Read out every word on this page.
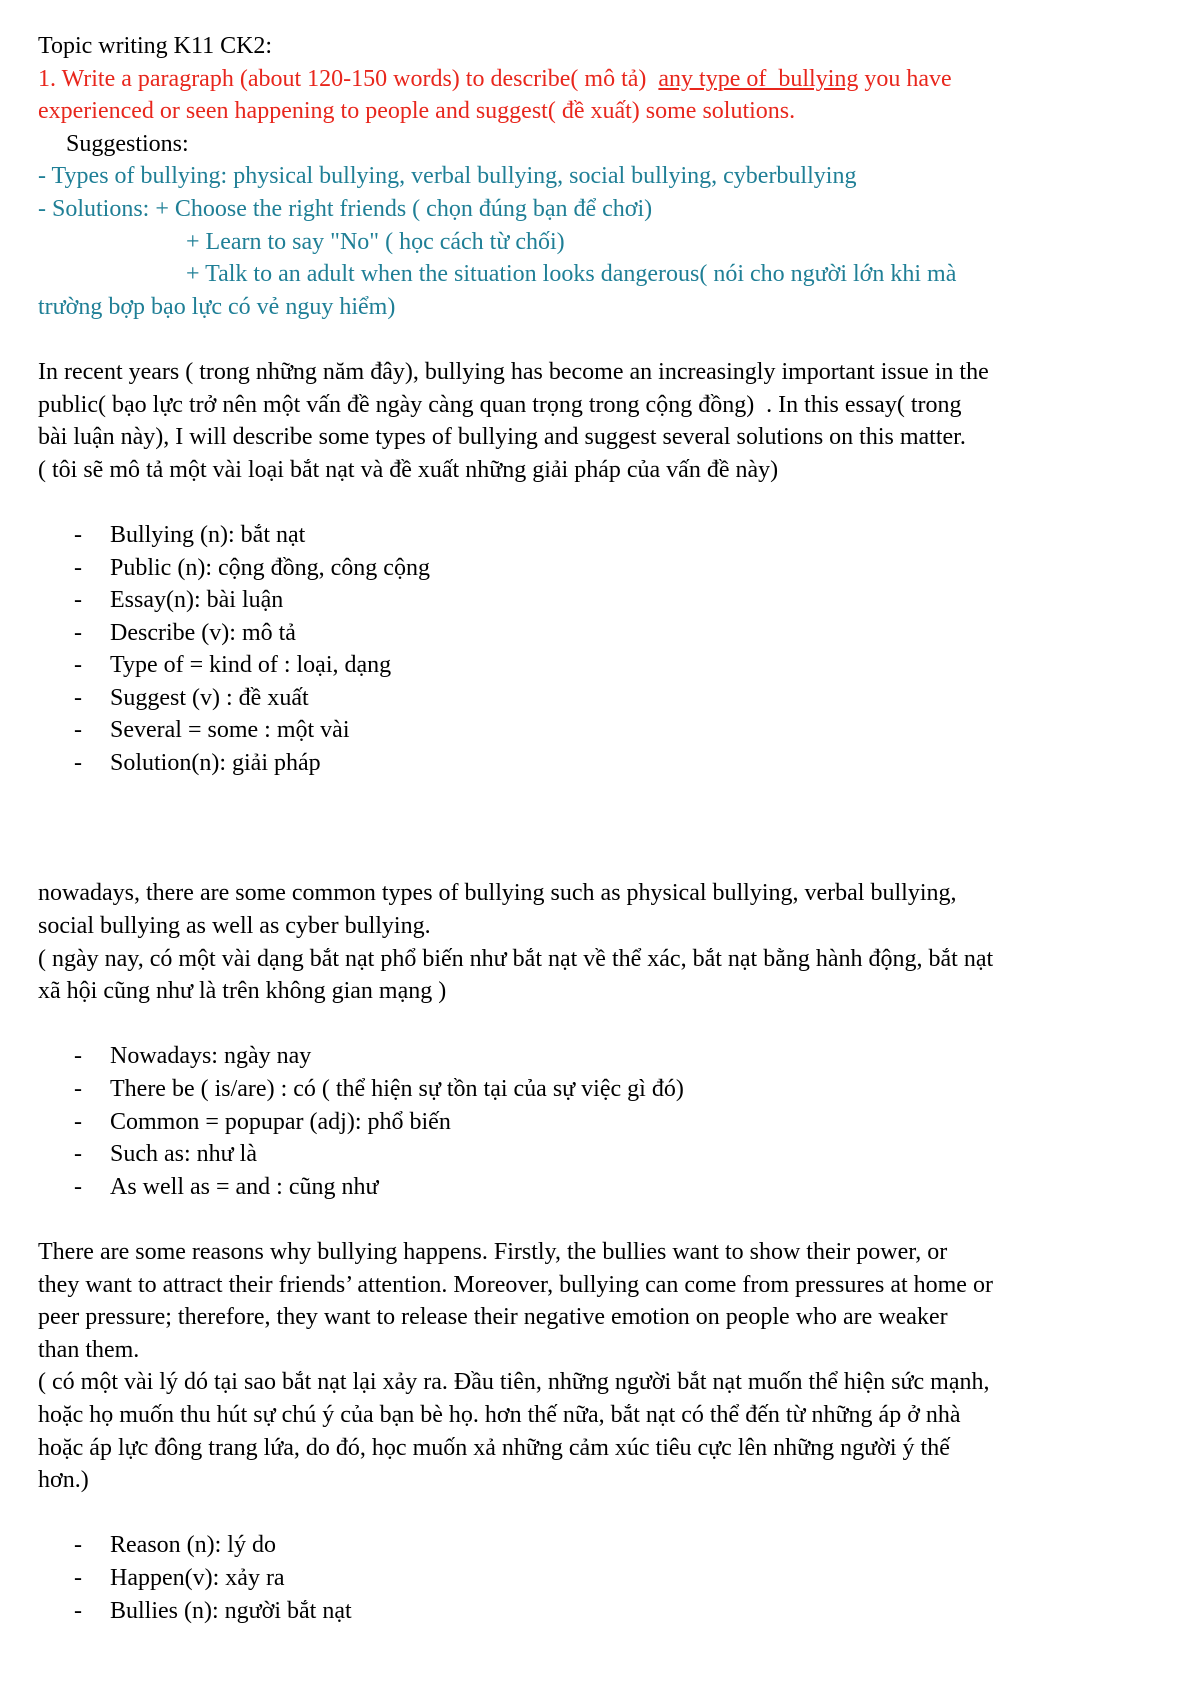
Topic writing K11 CK2:

1. Write a paragraph (about 120-150 words) to describe( mô tả)  any type of  bullying you have

experienced or seen happening to people and suggest( đề xuất) some solutions.

Suggestions:

- Types of bullying: physical bullying, verbal bullying, social bullying, cyberbullying

- Solutions: + Choose the right friends ( chọn đúng bạn để chơi)

+ Learn to say "No" ( học cách từ chối)

+ Talk to an adult when the situation looks dangerous( nói cho người lớn khi mà

trường bợp bạo lực có vẻ nguy hiểm)

In recent years ( trong những năm đây), bullying has become an increasingly important issue in the

public( bạo lực trở nên một vấn đề ngày càng quan trọng trong cộng đồng)  . In this essay( trong

bài luận này), I will describe some types of bullying and suggest several solutions on this matter.

( tôi sẽ mô tả một vài loại bắt nạt và đề xuất những giải pháp của vấn đề này)

- Bullying (n): bắt nạt
- Public (n): cộng đồng, công cộng
- Essay(n): bài luận
- Describe (v): mô tả
- Type of = kind of : loại, dạng
- Suggest (v) : đề xuất
- Several = some : một vài
- Solution(n): giải pháp

nowadays, there are some common types of bullying such as physical bullying, verbal bullying,

social bullying as well as cyber bullying.

( ngày nay, có một vài dạng bắt nạt phổ biến như bắt nạt về thể xác, bắt nạt bằng hành động, bắt nạt

xã hội cũng như là trên không gian mạng )

- Nowadays: ngày nay
- There be ( is/are) : có ( thể hiện sự tồn tại của sự việc gì đó)
- Common = popupar (adj): phổ biến
- Such as: như là
- As well as = and : cũng như

There are some reasons why bullying happens. Firstly, the bullies want to show their power, or

they want to attract their friends’ attention. Moreover, bullying can come from pressures at home or

peer pressure; therefore, they want to release their negative emotion on people who are weaker

than them.

( có một vài lý dó tại sao bắt nạt lại xảy ra. Đầu tiên, những người bắt nạt muốn thể hiện sức mạnh,

hoặc họ muốn thu hút sự chú ý của bạn bè họ. hơn thế nữa, bắt nạt có thể đến từ những áp ở nhà

hoặc áp lực đông trang lứa, do đó, học muốn xả những cảm xúc tiêu cực lên những người ý thế

hơn.)

- Reason (n): lý do
- Happen(v): xảy ra
- Bullies (n): người bắt nạt
